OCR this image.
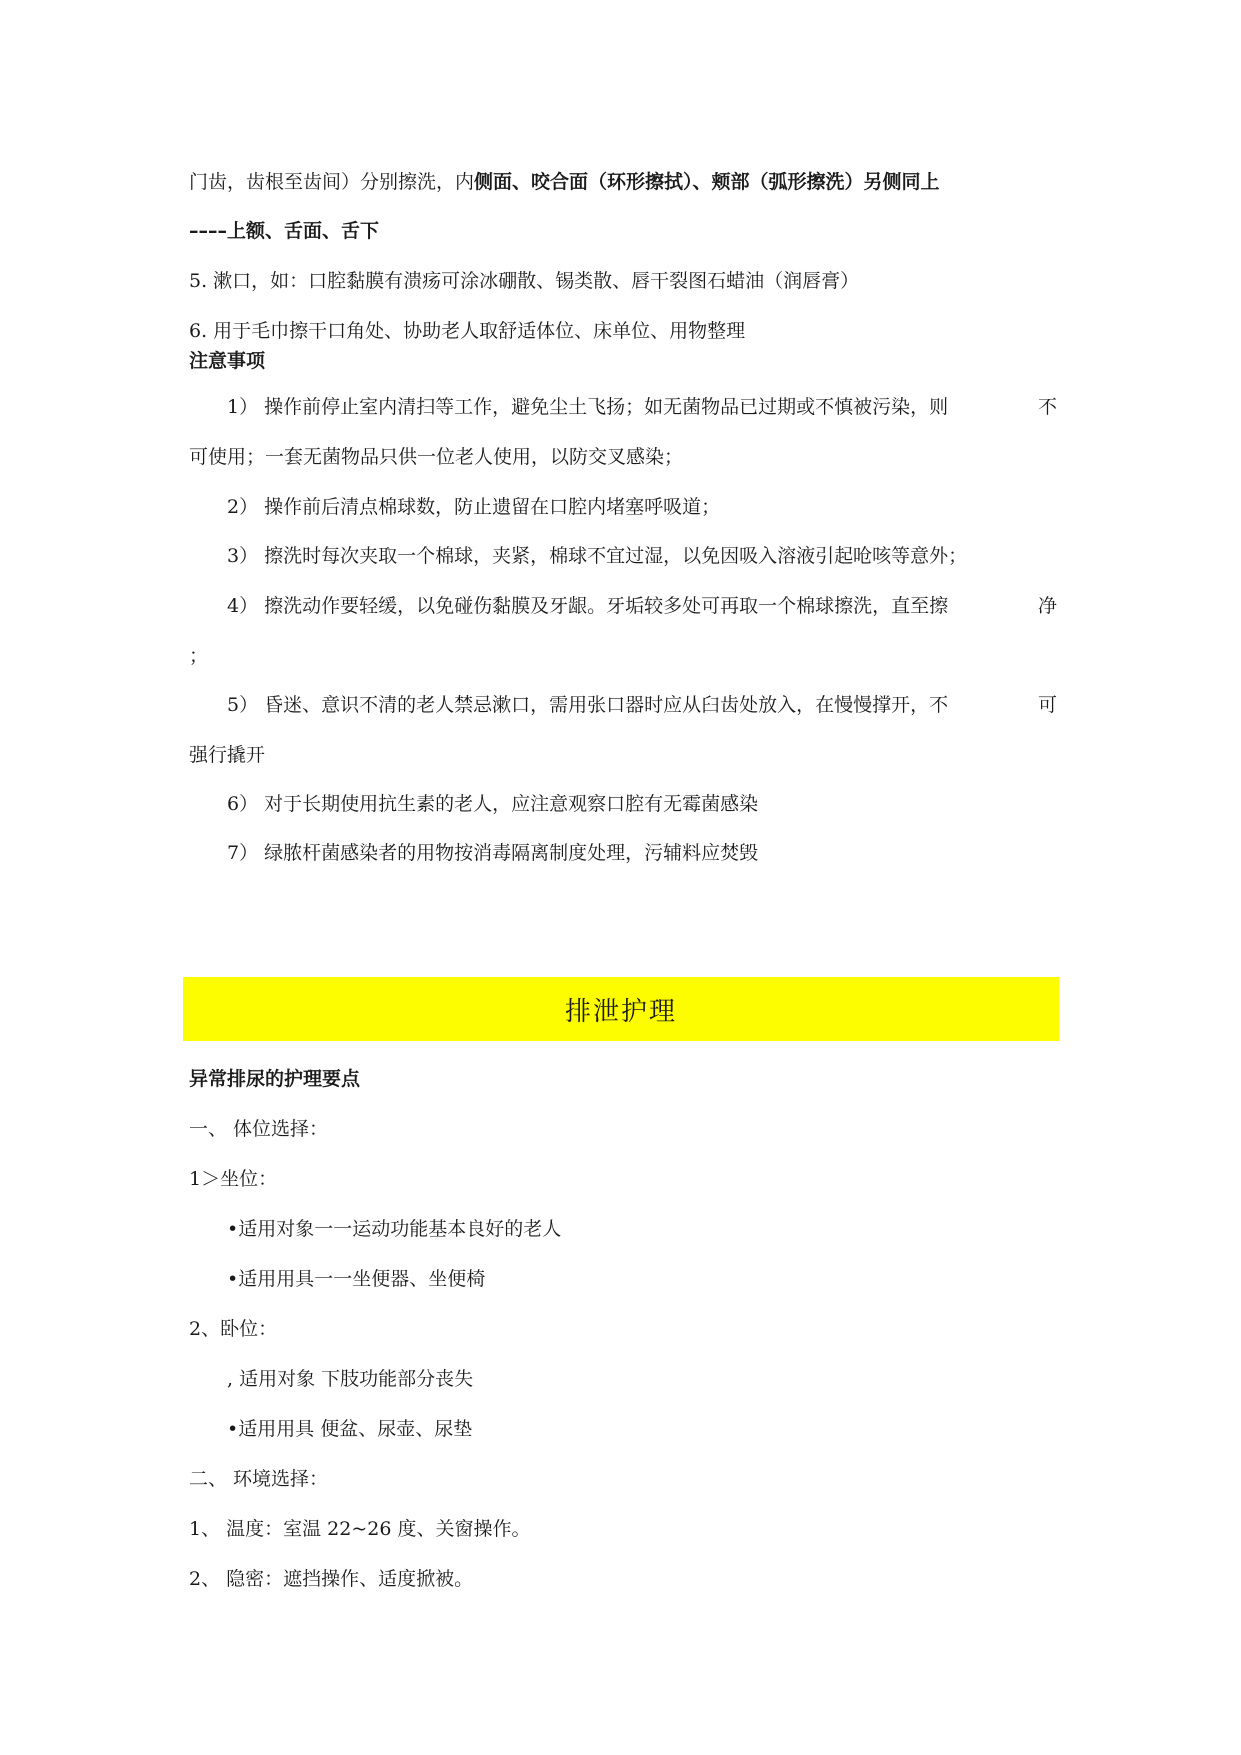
门齿，齿根至齿间）分别擦洗，内侧面、咬合面（环形擦拭）、颊部（弧形擦洗）另侧同上
––––上额、舌面、舌下
5. 漱口，如：口腔黏膜有溃疡可涂冰硼散、锡类散、唇干裂图石蜡油（润唇膏）
6. 用于毛巾擦干口角处、协助老人取舒适体位、床单位、用物整理
注意事项
1） 操作前停止室内清扫等工作，避免尘土飞扬；如无菌物品已过期或不慎被污染，则	不
可使用；一套无菌物品只供一位老人使用，以防交叉感染；
2） 操作前后清点棉球数，防止遗留在口腔内堵塞呼吸道；
3） 擦洗时每次夹取一个棉球，夹紧，棉球不宜过湿，以免因吸入溶液引起呛咳等意外；
4） 擦洗动作要轻缓，以免碰伤黏膜及牙龈。牙垢较多处可再取一个棉球擦洗，直至擦	净
；
5） 昏迷、意识不清的老人禁忌漱口，需用张口器时应从臼齿处放入，在慢慢撑开，不	可
强行撬开
6） 对于长期使用抗生素的老人，应注意观察口腔有无霉菌感染
7） 绿脓杆菌感染者的用物按消毒隔离制度处理，污辅料应焚毁
排泄护理
异常排尿的护理要点
一、 体位选择：
1＞坐位：
•适用对象一一运动功能基本良好的老人
•适用用具一一坐便器、坐便椅
2、卧位：
, 适用对象 下肢功能部分丧失
•适用用具 便盆、尿壶、尿垫
二、 环境选择：
1、 温度：室温 22~26 度、关窗操作。
2、 隐密：遮挡操作、适度掀被。
